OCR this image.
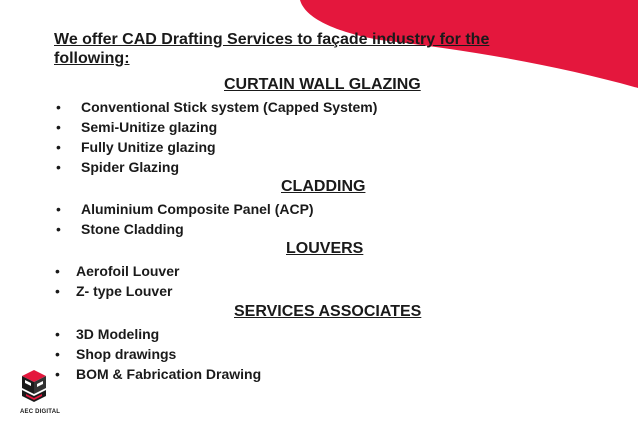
We offer CAD Drafting Services to façade industry for the following:
CURTAIN WALL GLAZING
• Conventional Stick system (Capped System)
• Semi-Unitize glazing
• Fully Unitize glazing
• Spider Glazing
CLADDING
• Aluminium Composite Panel (ACP)
• Stone Cladding
LOUVERS
• Aerofoil Louver
• Z- type Louver
SERVICES ASSOCIATES
• 3D Modeling
• Shop drawings
• BOM & Fabrication Drawing
AEC DIGITAL
